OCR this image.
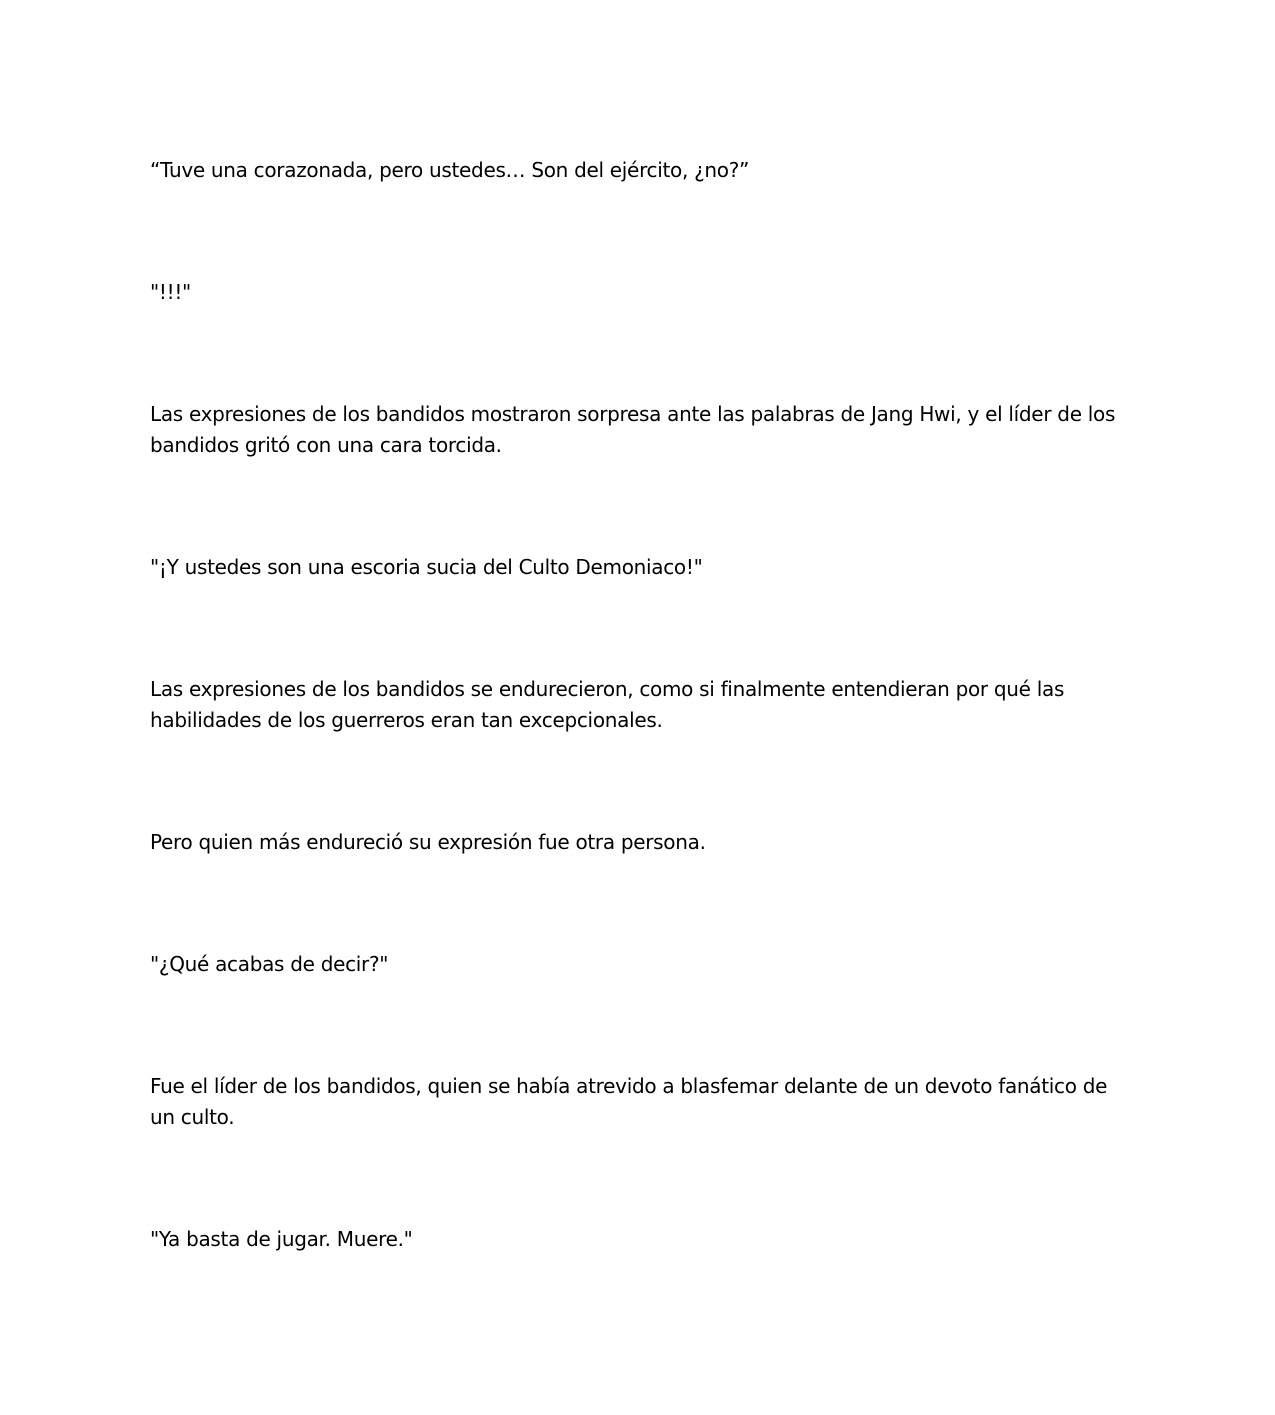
“Tuve una corazonada, pero ustedes… Son del ejército, ¿no?”

"!!!"

Las expresiones de los bandidos mostraron sorpresa ante las palabras de Jang Hwi, y el líder de los bandidos gritó con una cara torcida.

"¡Y ustedes son una escoria sucia del Culto Demoniaco!"

Las expresiones de los bandidos se endurecieron, como si finalmente entendieran por qué las habilidades de los guerreros eran tan excepcionales.

Pero quien más endureció su expresión fue otra persona.

"¿Qué acabas de decir?"

Fue el líder de los bandidos, quien se había atrevido a blasfemar delante de un devoto fanático de un culto.

"Ya basta de jugar. Muere."
